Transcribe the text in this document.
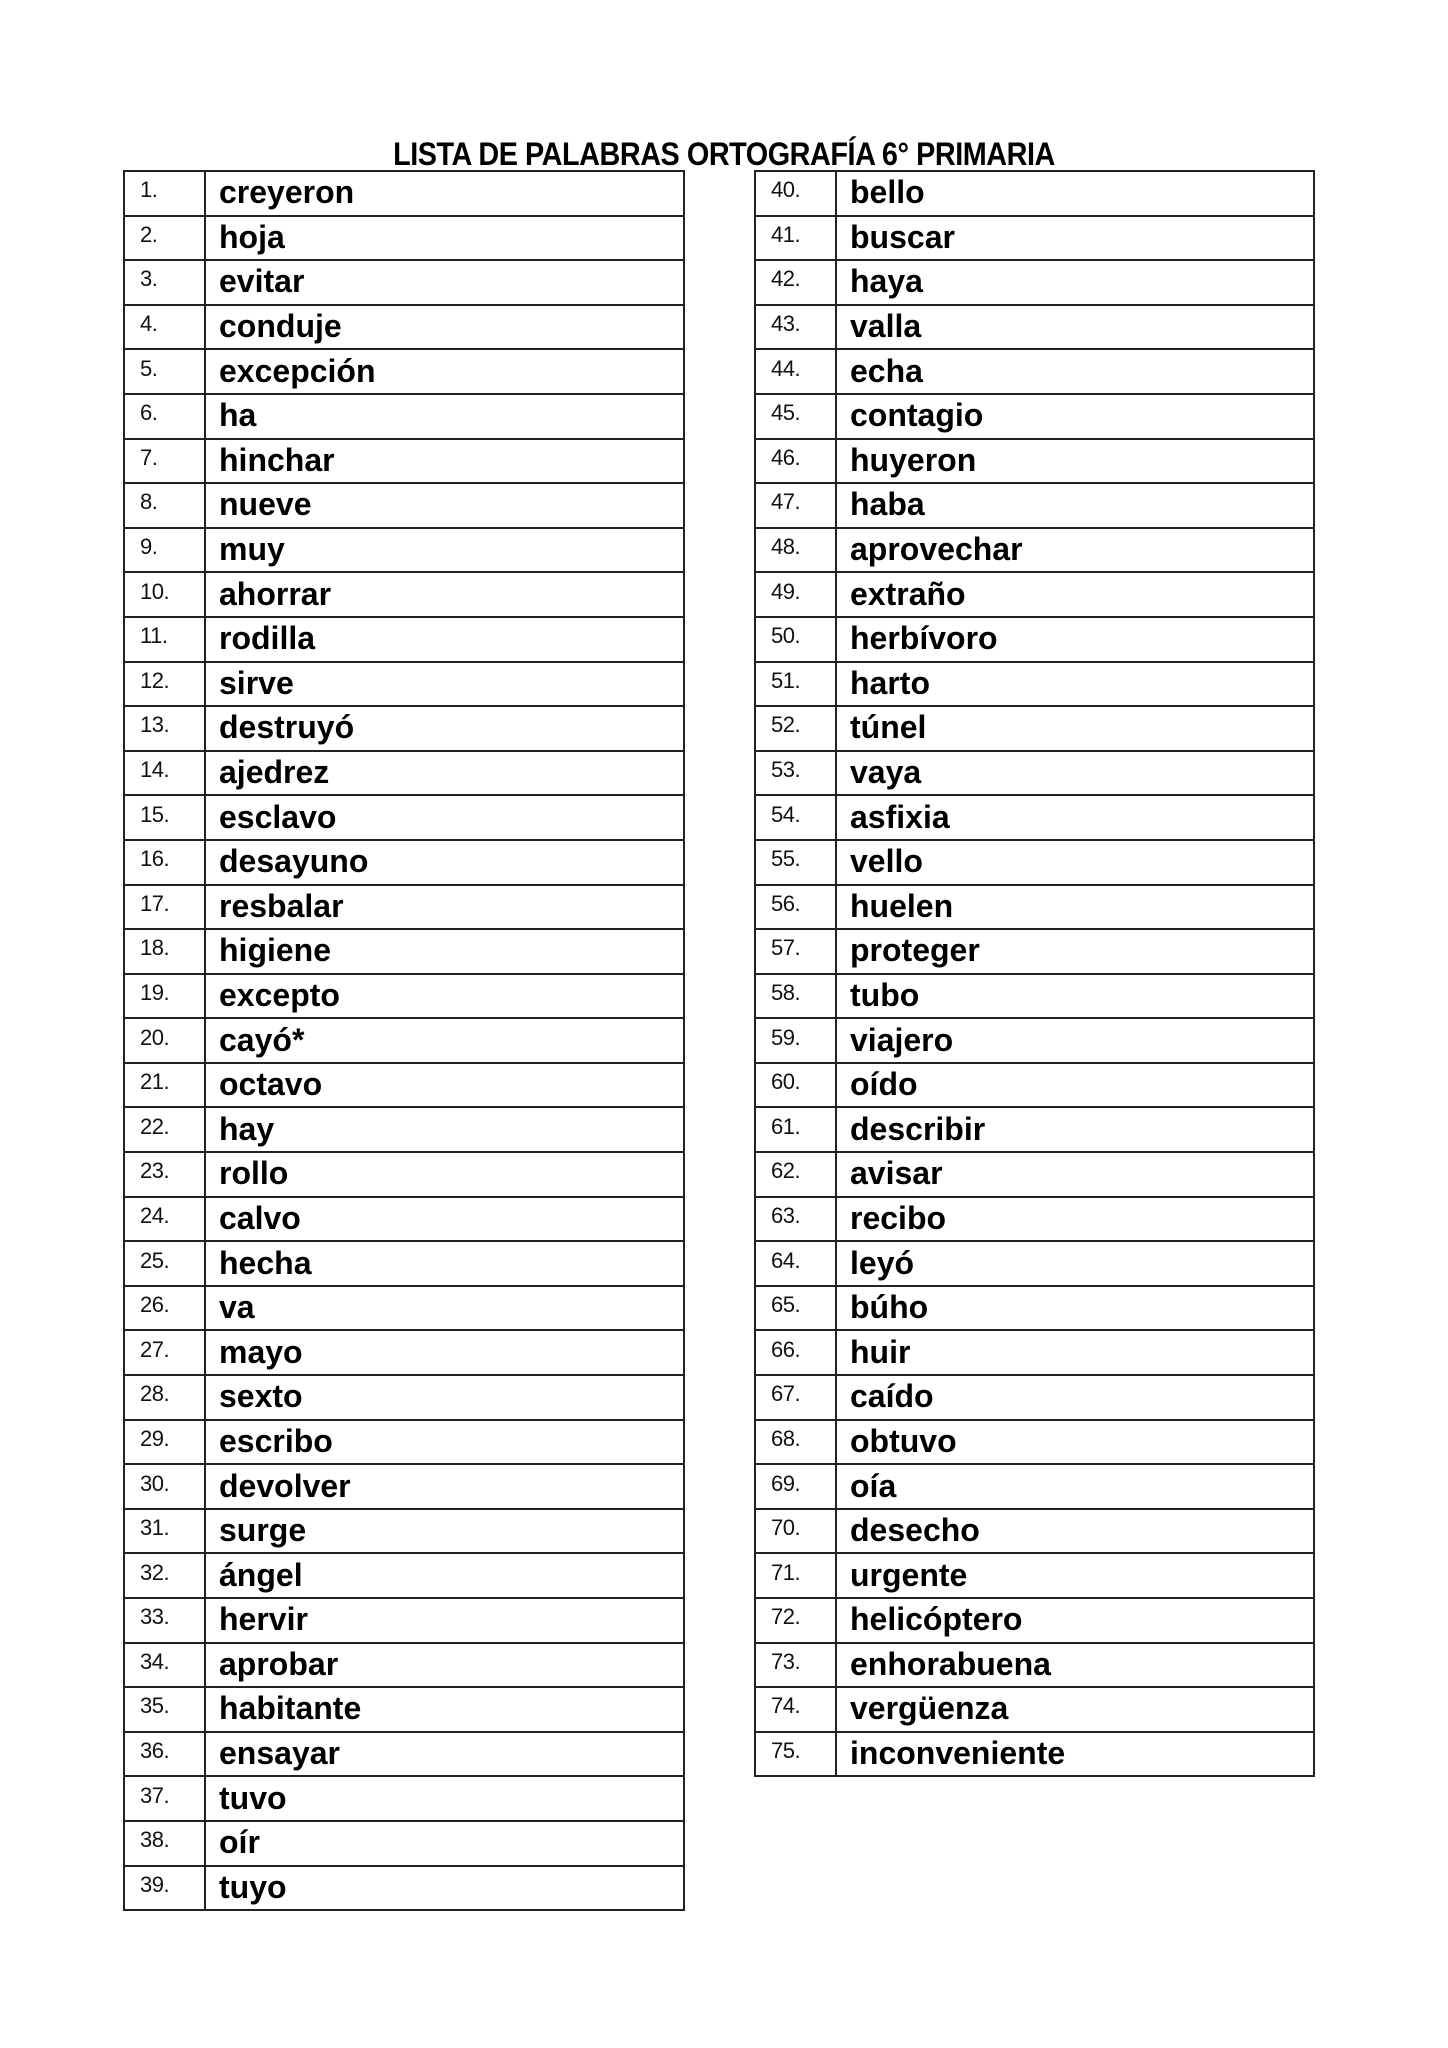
LISTA DE PALABRAS ORTOGRAFÍA 6° PRIMARIA
1.	creyeron
2.	hoja
3.	evitar
4.	conduje
5.	excepción
6.	ha
7.	hinchar
8.	nueve
9.	muy
10.	ahorrar
11.	rodilla
12.	sirve
13.	destruyó
14.	ajedrez
15.	esclavo
16.	desayuno
17.	resbalar
18.	higiene
19.	excepto
20.	cayó*
21.	octavo
22.	hay
23.	rollo
24.	calvo
25.	hecha
26.	va
27.	mayo
28.	sexto
29.	escribo
30.	devolver
31.	surge
32.	ángel
33.	hervir
34.	aprobar
35.	habitante
36.	ensayar
37.	tuvo
38.	oír
39.	tuyo
40.	bello
41.	buscar
42.	haya
43.	valla
44.	echa
45.	contagio
46.	huyeron
47.	haba
48.	aprovechar
49.	extraño
50.	herbívoro
51.	harto
52.	túnel
53.	vaya
54.	asfixia
55.	vello
56.	huelen
57.	proteger
58.	tubo
59.	viajero
60.	oído
61.	describir
62.	avisar
63.	recibo
64.	leyó
65.	búho
66.	huir
67.	caído
68.	obtuvo
69.	oía
70.	desecho
71.	urgente
72.	helicóptero
73.	enhorabuena
74.	vergüenza
75.	inconveniente
